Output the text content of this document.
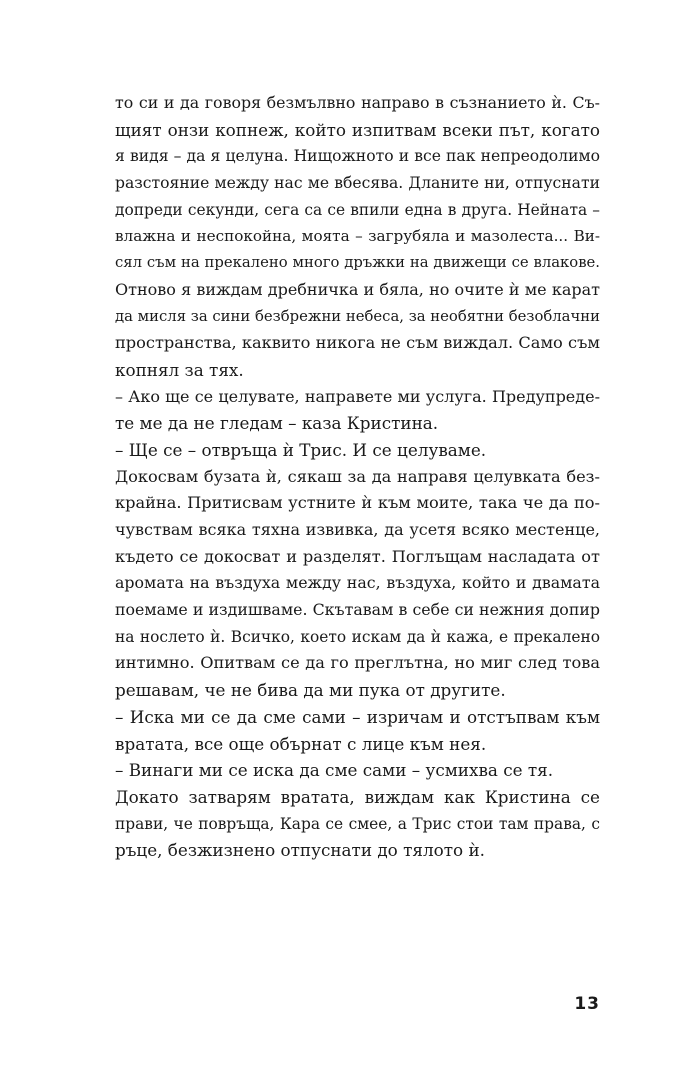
то си и да говоря безмълвно направо в съзнанието ѝ. Съ-
щият онзи копнеж, който изпитвам всеки път, когато
я видя – да я целуна. Нищожното и все пак непреодолимо
разстояние между нас ме вбесява. Дланите ни, отпуснати
допреди секунди, сега са се впили една в друга. Нейната –
влажна и неспокойна, моята – загрубяла и мазолеста... Ви-
сял съм на прекалено много дръжки на движещи се влакове.
Отново я виждам дребничка и бяла, но очите ѝ ме карат
да мисля за сини безбрежни небеса, за необятни безоблачни
пространства, каквито никога не съм виждал. Само съм
копнял за тях.
– Ако ще се целувате, направете ми услуга. Предупреде-
те ме да не гледам – каза Кристина.
– Ще се – отвръща ѝ Трис. И се целуваме.
Докосвам бузата ѝ, сякаш за да направя целувката без-
крайна. Притисвам устните ѝ към моите, така че да по-
чувствам всяка тяхна извивка, да усетя всяко местенце,
където се докосват и разделят. Поглъщам насладата от
аромата на въздуха между нас, въздуха, който и двамата
поемаме и издишваме. Скътавам в себе си нежния допир
на нослето ѝ. Всичко, което искам да ѝ кажа, е прекалено
интимно. Опитвам се да го преглътна, но миг след това
решавам, че не бива да ми пука от другите.
– Иска ми се да сме сами – изричам и отстъпвам към
вратата, все още обърнат с лице към нея.
– Винаги ми се иска да сме сами – усмихва се тя.
Докато затварям вратата, виждам как Кристина се
прави, че повръща, Кара се смее, а Трис стои там права, с
ръце, безжизнено отпуснати до тялото ѝ.
13
